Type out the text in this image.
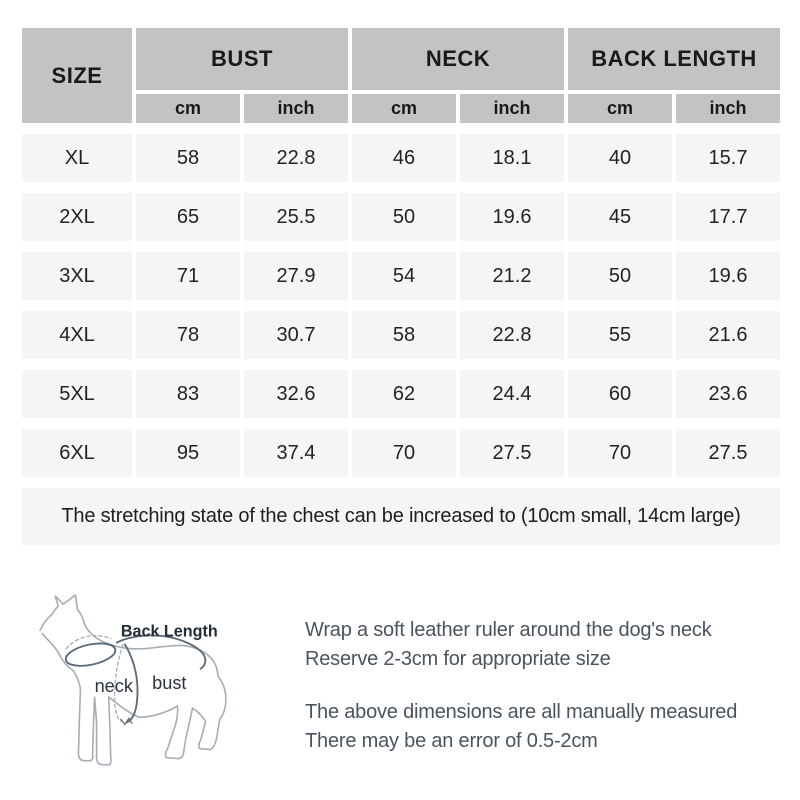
SIZE
BUST	NECK	BACK LENGTH
cm	inch	cm	inch	cm	inch
XL	58	22.8	46	18.1	40	15.7
2XL	65	25.5	50	19.6	45	17.7
3XL	71	27.9	54	21.2	50	19.6
4XL	78	30.7	58	22.8	55	21.6
5XL	83	32.6	62	24.4	60	23.6
6XL	95	37.4	70	27.5	70	27.5
The stretching state of the chest can be increased to (10cm small, 14cm large)
Back Length
neck bust
Wrap a soft leather ruler around the dog's neck
Reserve 2-3cm for appropriate size
The above dimensions are all manually measured
There may be an error of 0.5-2cm
